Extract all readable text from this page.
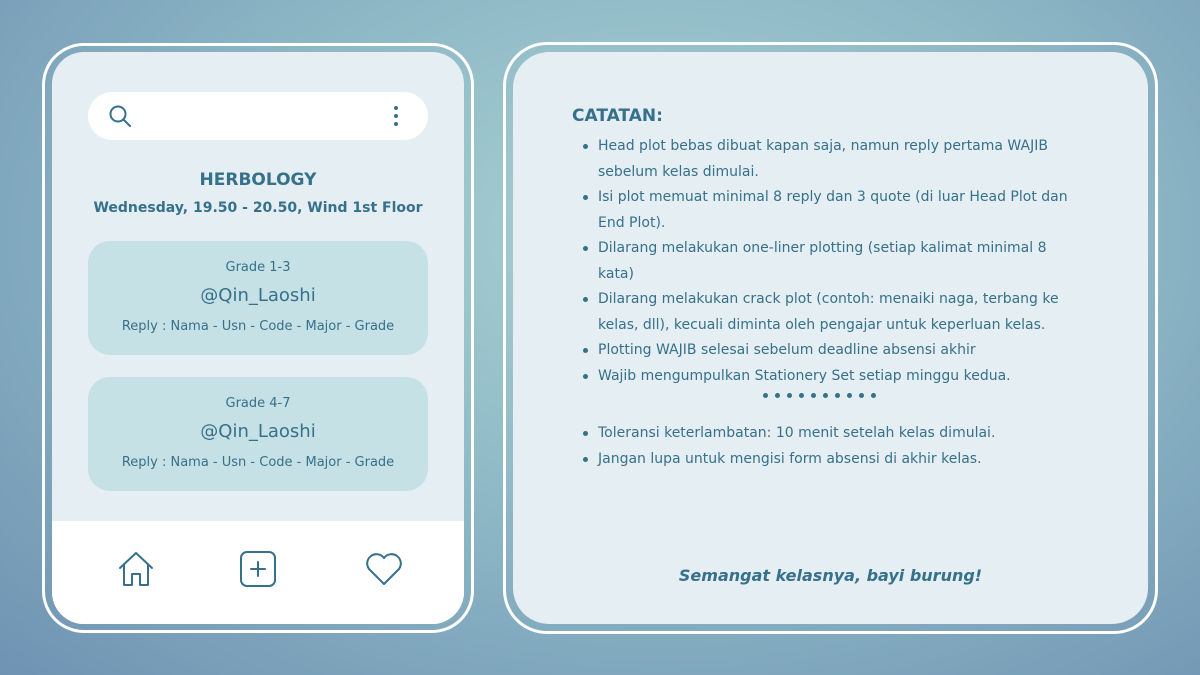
HERBOLOGY
Wednesday, 19.50 - 20.50, Wind 1st Floor
Grade 1-3
@Qin_Laoshi
Reply : Nama - Usn - Code - Major - Grade
Grade 4-7
@Qin_Laoshi
Reply : Nama - Usn - Code - Major - Grade
CATATAN:
Head plot bebas dibuat kapan saja, namun reply pertama WAJIB sebelum kelas dimulai.
Isi plot memuat minimal 8 reply dan 3 quote (di luar Head Plot dan End Plot).
Dilarang melakukan one-liner plotting (setiap kalimat minimal 8 kata)
Dilarang melakukan crack plot (contoh: menaiki naga, terbang ke kelas, dll), kecuali diminta oleh pengajar untuk keperluan kelas.
Plotting WAJIB selesai sebelum deadline absensi akhir
Wajib mengumpulkan Stationery Set setiap minggu kedua.
Toleransi keterlambatan: 10 menit setelah kelas dimulai.
Jangan lupa untuk mengisi form absensi di akhir kelas.
Semangat kelasnya, bayi burung!
